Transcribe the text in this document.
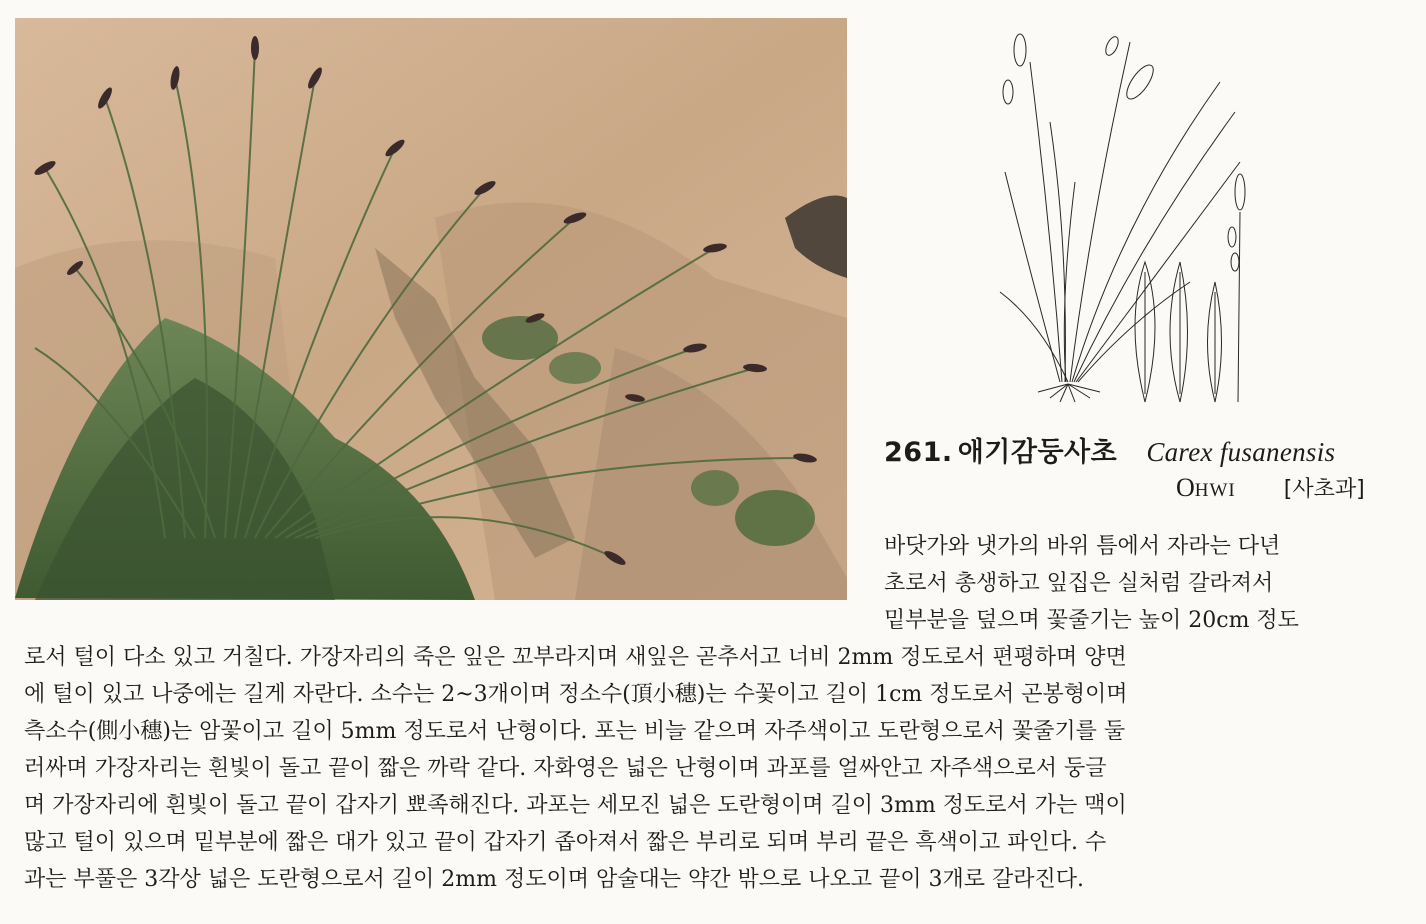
261. 애기감둥사초 Carex fusanensis
OHWI [사초과]
바닷가와 냇가의 바위 틈에서 자라는 다년
초로서 총생하고 잎집은 실처럼 갈라져서
밑부분을 덮으며 꽃줄기는 높이 20cm 정도
로서 털이 다소 있고 거칠다. 가장자리의 죽은 잎은 꼬부라지며 새잎은 곧추서고 너비 2mm 정도로서 편평하며 양면
에 털이 있고 나중에는 길게 자란다. 소수는 2~3개이며 정소수(頂小穗)는 수꽃이고 길이 1cm 정도로서 곤봉형이며
측소수(側小穗)는 암꽃이고 길이 5mm 정도로서 난형이다. 포는 비늘 같으며 자주색이고 도란형으로서 꽃줄기를 둘
러싸며 가장자리는 흰빛이 돌고 끝이 짧은 까락 같다. 자화영은 넓은 난형이며 과포를 얼싸안고 자주색으로서 둥글
며 가장자리에 흰빛이 돌고 끝이 갑자기 뾰족해진다. 과포는 세모진 넓은 도란형이며 길이 3mm 정도로서 가는 맥이
많고 털이 있으며 밑부분에 짧은 대가 있고 끝이 갑자기 좁아져서 짧은 부리로 되며 부리 끝은 흑색이고 파인다. 수
과는 부풀은 3각상 넓은 도란형으로서 길이 2mm 정도이며 암술대는 약간 밖으로 나오고 끝이 3개로 갈라진다.
